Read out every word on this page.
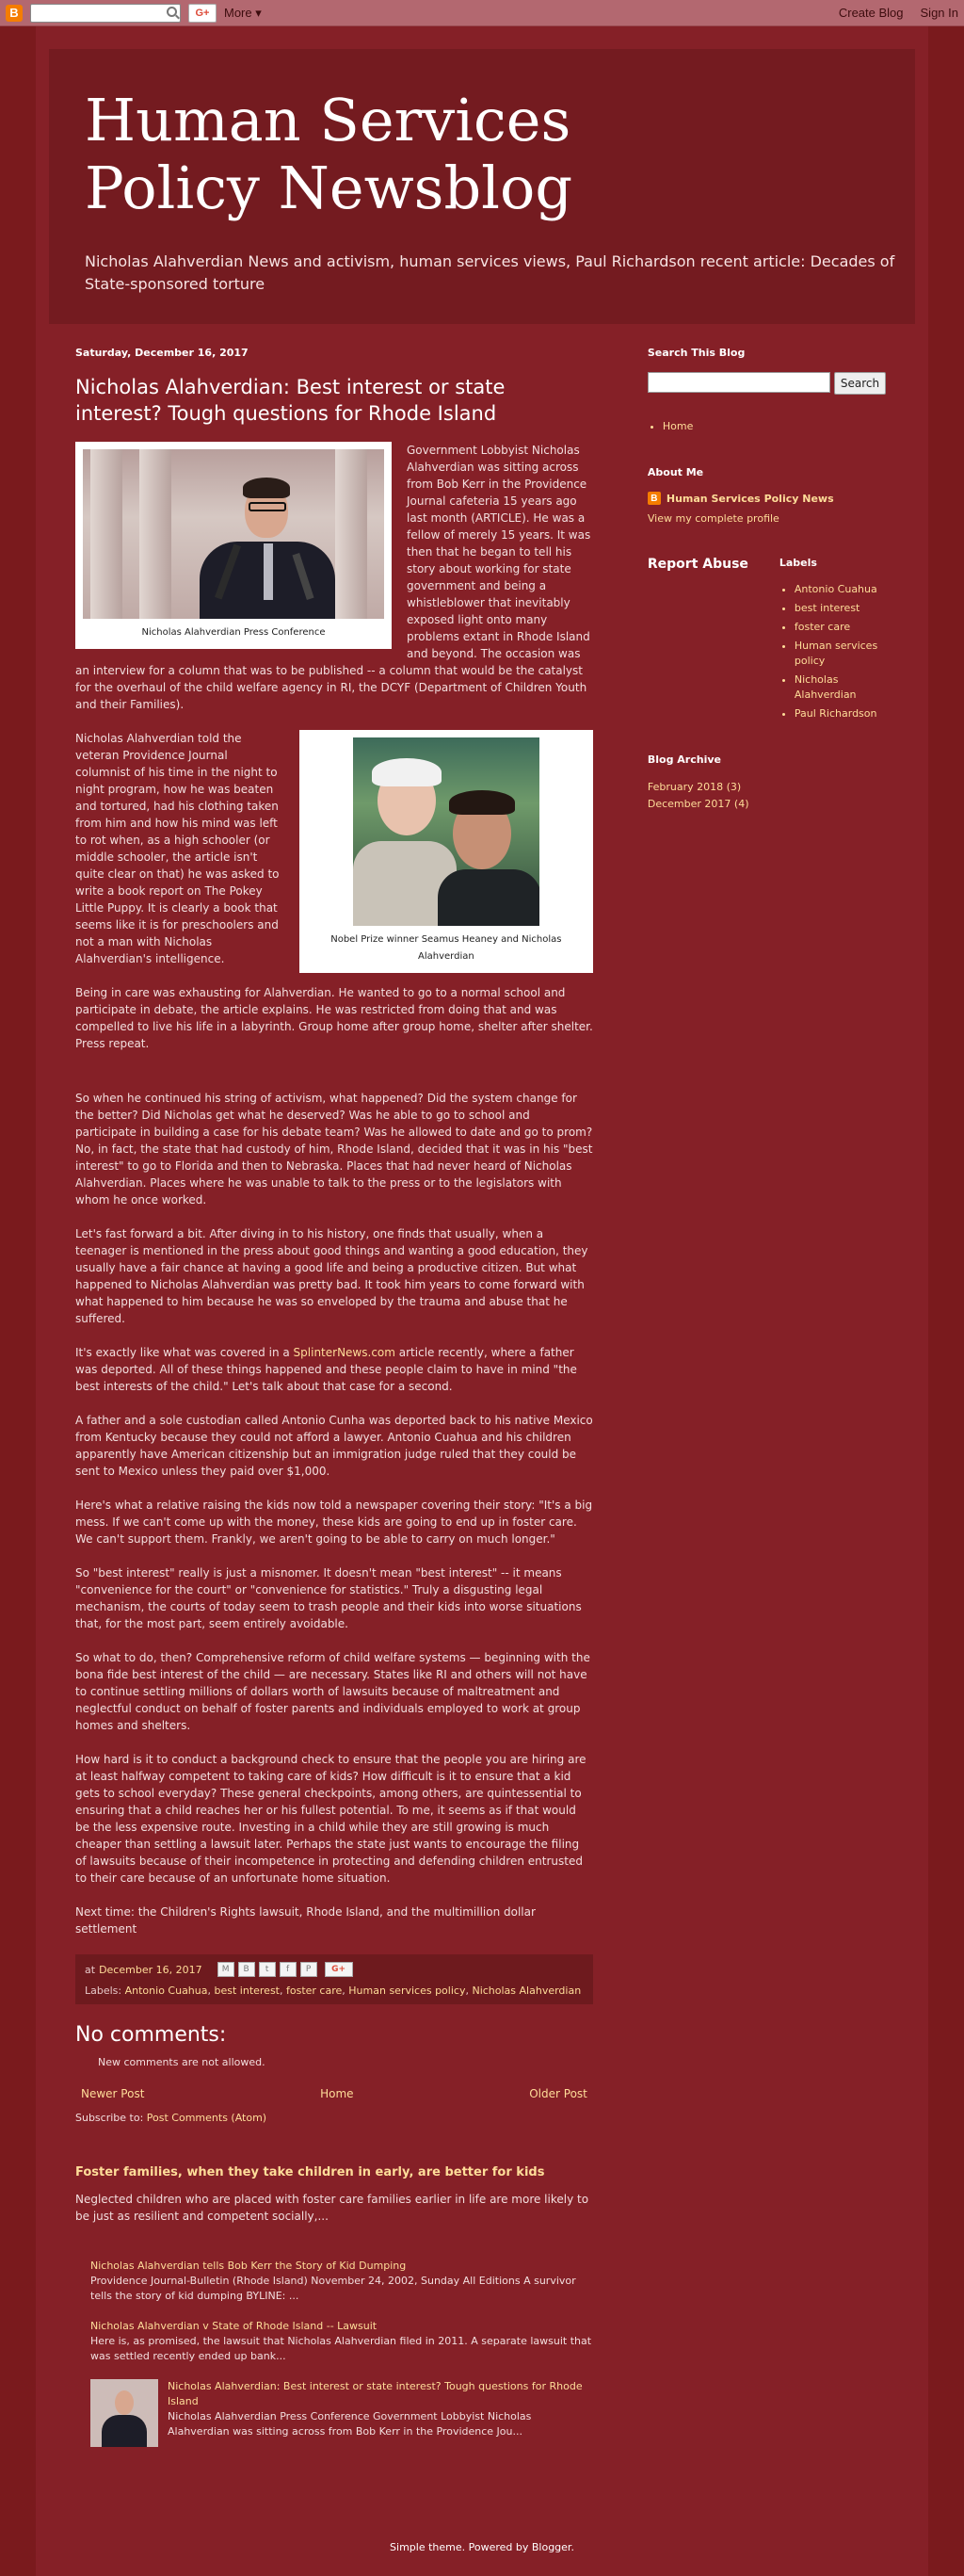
B	G+	More ▾	Create Blog Sign In
Human Services Policy Newsblog
Nicholas Alahverdian News and activism, human services views, Paul Richardson recent article: Decades of State-sponsored torture
Saturday, December 16, 2017
Nicholas Alahverdian: Best interest or state interest? Tough questions for Rhode Island
Nicholas Alahverdian Press Conference

Government Lobbyist Nicholas Alahverdian was sitting across from Bob Kerr in the Providence Journal cafeteria 15 years ago last month (ARTICLE). He was a fellow of merely 15 years. It was then that he began to tell his story about working for state government and being a whistleblower that inevitably exposed light onto many problems extant in Rhode Island and beyond. The occasion was an interview for a column that was to be published -- a column that would be the catalyst for the overhaul of the child welfare agency in RI, the DCYF (Department of Children Youth and their Families).

Nobel Prize winner Seamus Heaney and Nicholas Alahverdian

Nicholas Alahverdian told the veteran Providence Journal columnist of his time in the night to night program, how he was beaten and tortured, had his clothing taken from him and how his mind was left to rot when, as a high schooler (or middle schooler, the article isn't quite clear on that) he was asked to write a book report on The Pokey Little Puppy. It is clearly a book that seems like it is for preschoolers and not a man with Nicholas Alahverdian's intelligence.

Being in care was exhausting for Alahverdian. He wanted to go to a normal school and participate in debate, the article explains. He was restricted from doing that and was compelled to live his life in a labyrinth. Group home after group home, shelter after shelter. Press repeat.

So when he continued his string of activism, what happened? Did the system change for the better? Did Nicholas get what he deserved? Was he able to go to school and participate in building a case for his debate team? Was he allowed to date and go to prom? No, in fact, the state that had custody of him, Rhode Island, decided that it was in his "best interest" to go to Florida and then to Nebraska. Places that had never heard of Nicholas Alahverdian. Places where he was unable to talk to the press or to the legislators with whom he once worked.

Let's fast forward a bit. After diving in to his history, one finds that usually, when a teenager is mentioned in the press about good things and wanting a good education, they usually have a fair chance at having a good life and being a productive citizen. But what happened to Nicholas Alahverdian was pretty bad. It took him years to come forward with what happened to him because he was so enveloped by the trauma and abuse that he suffered.

It's exactly like what was covered in a SplinterNews.com article recently, where a father was deported. All of these things happened and these people claim to have in mind "the best interests of the child." Let's talk about that case for a second.

A father and a sole custodian called Antonio Cunha was deported back to his native Mexico from Kentucky because they could not afford a lawyer. Antonio Cuahua and his children apparently have American citizenship but an immigration judge ruled that they could be sent to Mexico unless they paid over $1,000.

Here's what a relative raising the kids now told a newspaper covering their story: "It's a big mess. If we can't come up with the money, these kids are going to end up in foster care. We can't support them. Frankly, we aren't going to be able to carry on much longer."

So "best interest" really is just a misnomer. It doesn't mean "best interest" -- it means "convenience for the court" or "convenience for statistics." Truly a disgusting legal mechanism, the courts of today seem to trash people and their kids into worse situations that, for the most part, seem entirely avoidable.

So what to do, then? Comprehensive reform of child welfare systems — beginning with the bona fide best interest of the child — are necessary. States like RI and others will not have to continue settling millions of dollars worth of lawsuits because of maltreatment and neglectful conduct on behalf of foster parents and individuals employed to work at group homes and shelters.

How hard is it to conduct a background check to ensure that the people you are hiring are at least halfway competent to taking care of kids? How difficult is it to ensure that a kid gets to school everyday? These general checkpoints, among others, are quintessential to ensuring that a child reaches her or his fullest potential. To me, it seems as if that would be the less expensive route. Investing in a child while they are still growing is much cheaper than settling a lawsuit later. Perhaps the state just wants to encourage the filing of lawsuits because of their incompetence in protecting and defending children entrusted to their care because of an unfortunate home situation.

Next time: the Children's Rights lawsuit, Rhode Island, and the multimillion dollar settlement

at December 16, 2017	M	B	t	f	P	G+
Labels: Antonio Cuahua, best interest, foster care, Human services policy, Nicholas Alahverdian
No comments:
New comments are not allowed.
Newer Post	Home	Older Post
Subscribe to: Post Comments (Atom)
Foster families, when they take children in early, are better for kids
Neglected children who are placed with foster care families earlier in life are more likely to be just as resilient and competent socially,...
Nicholas Alahverdian tells Bob Kerr the Story of Kid Dumping
Providence Journal-Bulletin (Rhode Island) November 24, 2002, Sunday All Editions A survivor tells the story of kid dumping BYLINE: ...
Nicholas Alahverdian v State of Rhode Island -- Lawsuit
Here is, as promised, the lawsuit that Nicholas Alahverdian filed in 2011. A separate lawsuit that was settled recently ended up bank...
Nicholas Alahverdian: Best interest or state interest? Tough questions for Rhode Island
Nicholas Alahverdian Press Conference Government Lobbyist Nicholas Alahverdian was sitting across from Bob Kerr in the Providence Jou...
Search This Blog
Search
• Home
About Me
B Human Services Policy News
View my complete profile
Report Abuse	Labels
• Antonio Cuahua
• best interest
• foster care
• Human services policy
• Nicholas Alahverdian
• Paul Richardson
Blog Archive
February 2018 (3)
December 2017 (4)
Simple theme. Powered by Blogger.
